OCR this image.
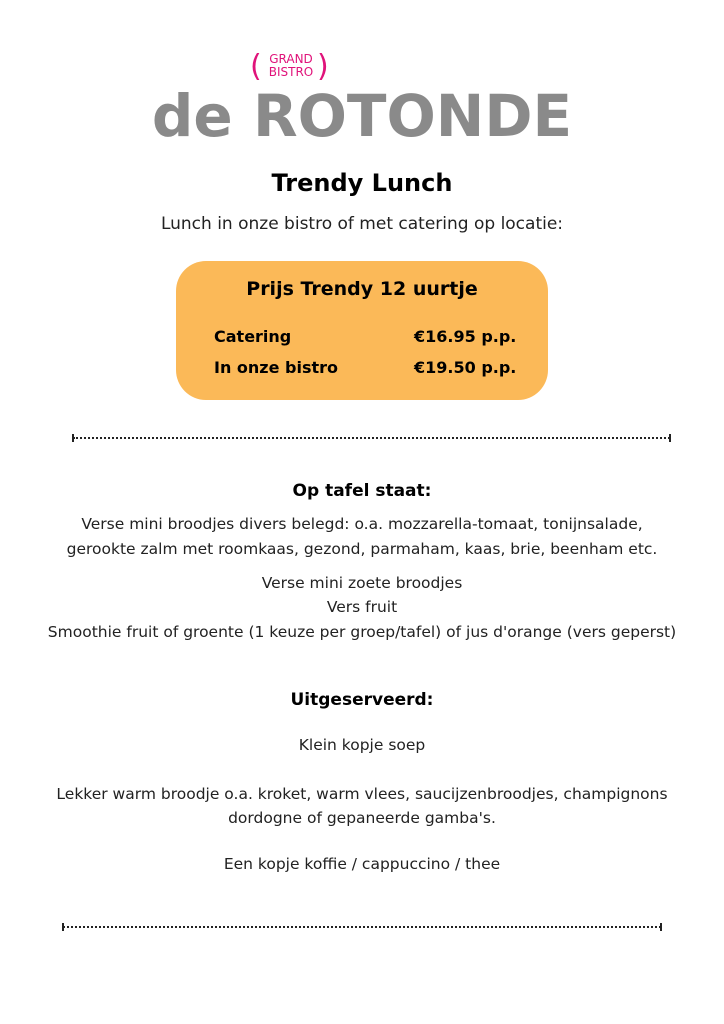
( GRAND
BISTRO )
de ROTONDE
Trendy Lunch
Lunch in onze bistro of met catering op locatie:
Prijs Trendy 12 uurtje
Catering	€16.95 p.p.
In onze bistro	€19.50 p.p.
Op tafel staat:
Verse mini broodjes divers belegd: o.a. mozzarella-tomaat, tonijnsalade,
gerookte zalm met roomkaas, gezond, parmaham, kaas, brie, beenham etc.
Verse mini zoete broodjes
Vers fruit
Smoothie fruit of groente (1 keuze per groep/tafel) of jus d'orange (vers geperst)
Uitgeserveerd:
Klein kopje soep
Lekker warm broodje o.a. kroket, warm vlees, saucijzenbroodjes, champignons
dordogne of gepaneerde gamba's.
Een kopje koffie / cappuccino / thee
